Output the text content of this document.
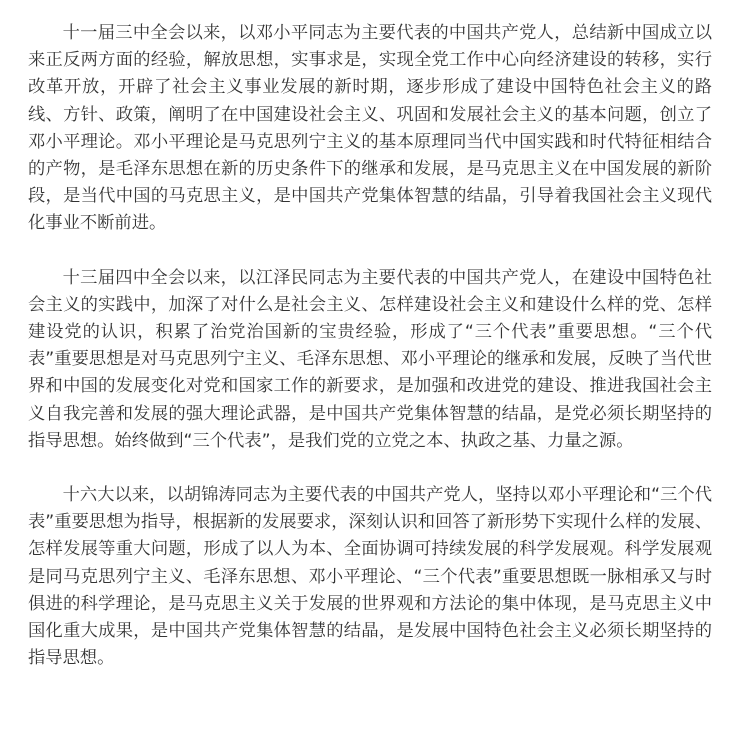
十一届三中全会以来，以邓小平同志为主要代表的中国共产党人，总结新中国成立以来正反两方面的经验，解放思想，实事求是，实现全党工作中心向经济建设的转移，实行改革开放，开辟了社会主义事业发展的新时期，逐步形成了建设中国特色社会主义的路线、方针、政策，阐明了在中国建设社会主义、巩固和发展社会主义的基本问题，创立了邓小平理论。邓小平理论是马克思列宁主义的基本原理同当代中国实践和时代特征相结合的产物，是毛泽东思想在新的历史条件下的继承和发展，是马克思主义在中国发展的新阶段，是当代中国的马克思主义，是中国共产党集体智慧的结晶，引导着我国社会主义现代化事业不断前进。

十三届四中全会以来，以江泽民同志为主要代表的中国共产党人，在建设中国特色社会主义的实践中，加深了对什么是社会主义、怎样建设社会主义和建设什么样的党、怎样建设党的认识，积累了治党治国新的宝贵经验，形成了“三个代表”重要思想。“三个代表”重要思想是对马克思列宁主义、毛泽东思想、邓小平理论的继承和发展，反映了当代世界和中国的发展变化对党和国家工作的新要求，是加强和改进党的建设、推进我国社会主义自我完善和发展的强大理论武器，是中国共产党集体智慧的结晶，是党必须长期坚持的指导思想。始终做到“三个代表”，是我们党的立党之本、执政之基、力量之源。

十六大以来，以胡锦涛同志为主要代表的中国共产党人，坚持以邓小平理论和“三个代表”重要思想为指导，根据新的发展要求，深刻认识和回答了新形势下实现什么样的发展、怎样发展等重大问题，形成了以人为本、全面协调可持续发展的科学发展观。科学发展观是同马克思列宁主义、毛泽东思想、邓小平理论、“三个代表”重要思想既一脉相承又与时俱进的科学理论，是马克思主义关于发展的世界观和方法论的集中体现，是马克思主义中国化重大成果，是中国共产党集体智慧的结晶，是发展中国特色社会主义必须长期坚持的指导思想。
